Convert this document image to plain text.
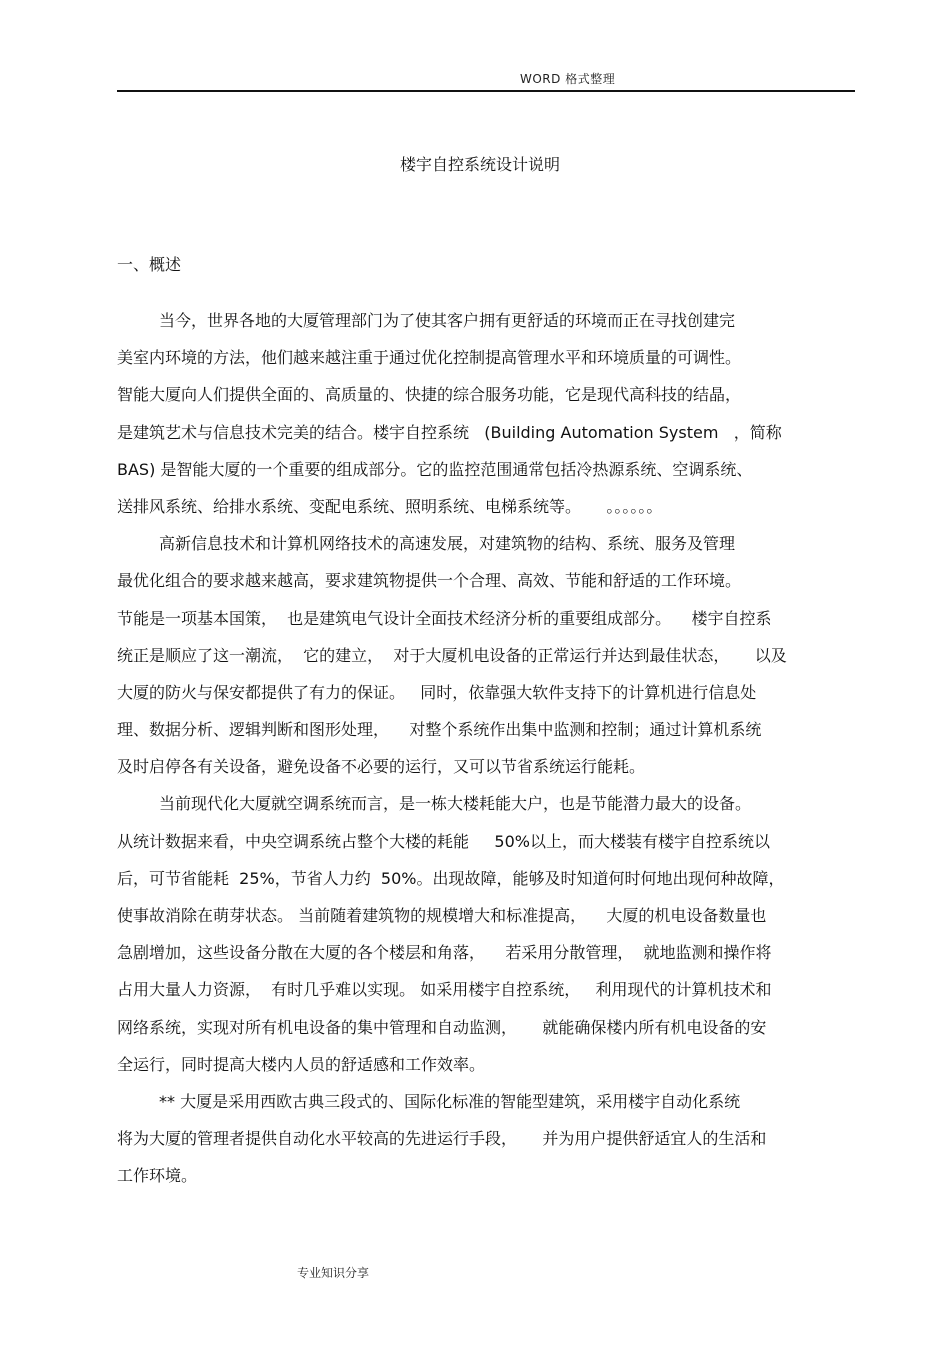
WORD 格式整理
楼宇自控系统设计说明
一、概述
当今，世界各地的大厦管理部门为了使其客户拥有更舒适的环境而正在寻找创建完
美室内环境的方法，他们越来越注重于通过优化控制提高管理水平和环境质量的可调性。
智能大厦向人们提供全面的、高质量的、快捷的综合服务功能，它是现代高科技的结晶，
是建筑艺术与信息技术完美的结合。楼宇自控系统   (Building Automation System   ，简称
BAS) 是智能大厦的一个重要的组成部分。它的监控范围通常包括冷热源系统、空调系统、
送排风系统、给排水系统、变配电系统、照明系统、电梯系统等。     。。。。。。
高新信息技术和计算机网络技术的高速发展，对建筑物的结构、系统、服务及管理
最优化组合的要求越来越高，要求建筑物提供一个合理、高效、节能和舒适的工作环境。
节能是一项基本国策，  也是建筑电气设计全面技术经济分析的重要组成部分。    楼宇自控系
统正是顺应了这一潮流，  它的建立，  对于大厦机电设备的正常运行并达到最佳状态，     以及
大厦的防火与保安都提供了有力的保证。   同时，依靠强大软件支持下的计算机进行信息处
理、数据分析、逻辑判断和图形处理，    对整个系统作出集中监测和控制；通过计算机系统
及时启停各有关设备，避免设备不必要的运行，又可以节省系统运行能耗。
当前现代化大厦就空调系统而言，是一栋大楼耗能大户，也是节能潜力最大的设备。
从统计数据来看，中央空调系统占整个大楼的耗能     50%以上，而大楼装有楼宇自控系统以
后，可节省能耗  25%，节省人力约  50%。出现故障，能够及时知道何时何地出现何种故障，
使事故消除在萌芽状态。 当前随着建筑物的规模增大和标准提高，    大厦的机电设备数量也
急剧增加，这些设备分散在大厦的各个楼层和角落，    若采用分散管理，  就地监测和操作将
占用大量人力资源，  有时几乎难以实现。 如采用楼宇自控系统，   利用现代的计算机技术和
网络系统，实现对所有机电设备的集中管理和自动监测，     就能确保楼内所有机电设备的安
全运行，同时提高大楼内人员的舒适感和工作效率。
** 大厦是采用西欧古典三段式的、国际化标准的智能型建筑，采用楼宇自动化系统
将为大厦的管理者提供自动化水平较高的先进运行手段，     并为用户提供舒适宜人的生活和
工作环境。
专业知识分享
